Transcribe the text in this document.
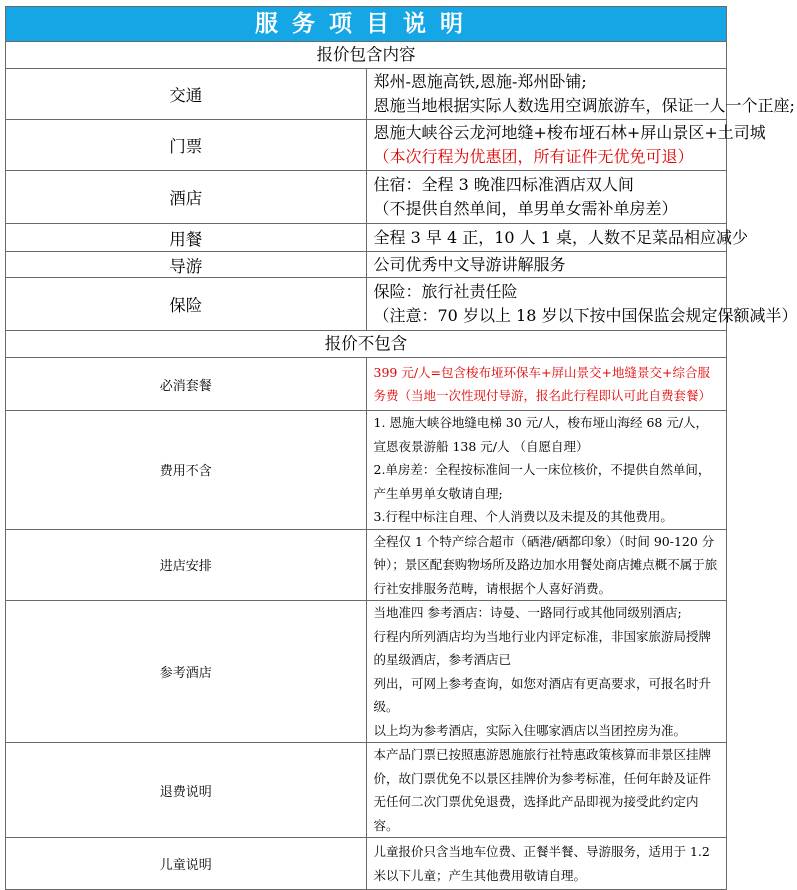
服务项目说明
报价包含内容	
交通	郑州-恩施高铁,恩施-郑州卧铺;
恩施当地根据实际人数选用空调旅游车，保证一人一个正座;

门票	恩施大峡谷云龙河地缝+梭布垭石林+屏山景区+土司城
（本次行程为优惠团，所有证件无优免可退）

酒店	住宿：全程 3 晚准四标准酒店双人间
（不提供自然单间，单男单女需补单房差）

用餐	全程 3 早 4 正，10 人 1 桌，人数不足菜品相应减少

导游	公司优秀中文导游讲解服务

保险	保险：旅行社责任险
（注意：70 岁以上 18 岁以下按中国保监会规定保额减半）

报价不包含	
必消套餐	399 元/人=包含梭布垭环保车+屏山景交+地缝景交+综合服务费（当地一次性现付导游，报名此行程即认可此自费套餐）
费用不含	1. 恩施大峡谷地缝电梯 30 元/人，梭布垭山海经 68 元/人，宣恩夜景游船 138 元/人 （自愿自理）
2.单房差：全程按标准间一人一床位核价，不提供自然单间，产生单男单女敬请自理;
3.行程中标注自理、个人消费以及未提及的其他费用。

进店安排	全程仅 1 个特产综合超市（硒港/硒都印象）（时间 90-120 分钟）；景区配套购物场所及路边加水用餐处商店摊点概不属于旅行社安排服务范畴，请根据个人喜好消费。

参考酒店	当地准四 参考酒店：诗曼、一路同行或其他同级别酒店;
行程内所列酒店均为当地行业内评定标准，非国家旅游局授牌的星级酒店，参考酒店已
列出，可网上参考查询，如您对酒店有更高要求，可报名时升级。
以上均为参考酒店，实际入住哪家酒店以当团控房为准。

退费说明	本产品门票已按照惠游恩施旅行社特惠政策核算而非景区挂牌价，故门票优免不以景区挂牌价为参考标准，任何年龄及证件无任何二次门票优免退费，选择此产品即视为接受此约定内容。

儿童说明	儿童报价只含当地车位费、正餐半餐、导游服务，适用于 1.2 米以下儿童；产生其他费用敬请自理。
